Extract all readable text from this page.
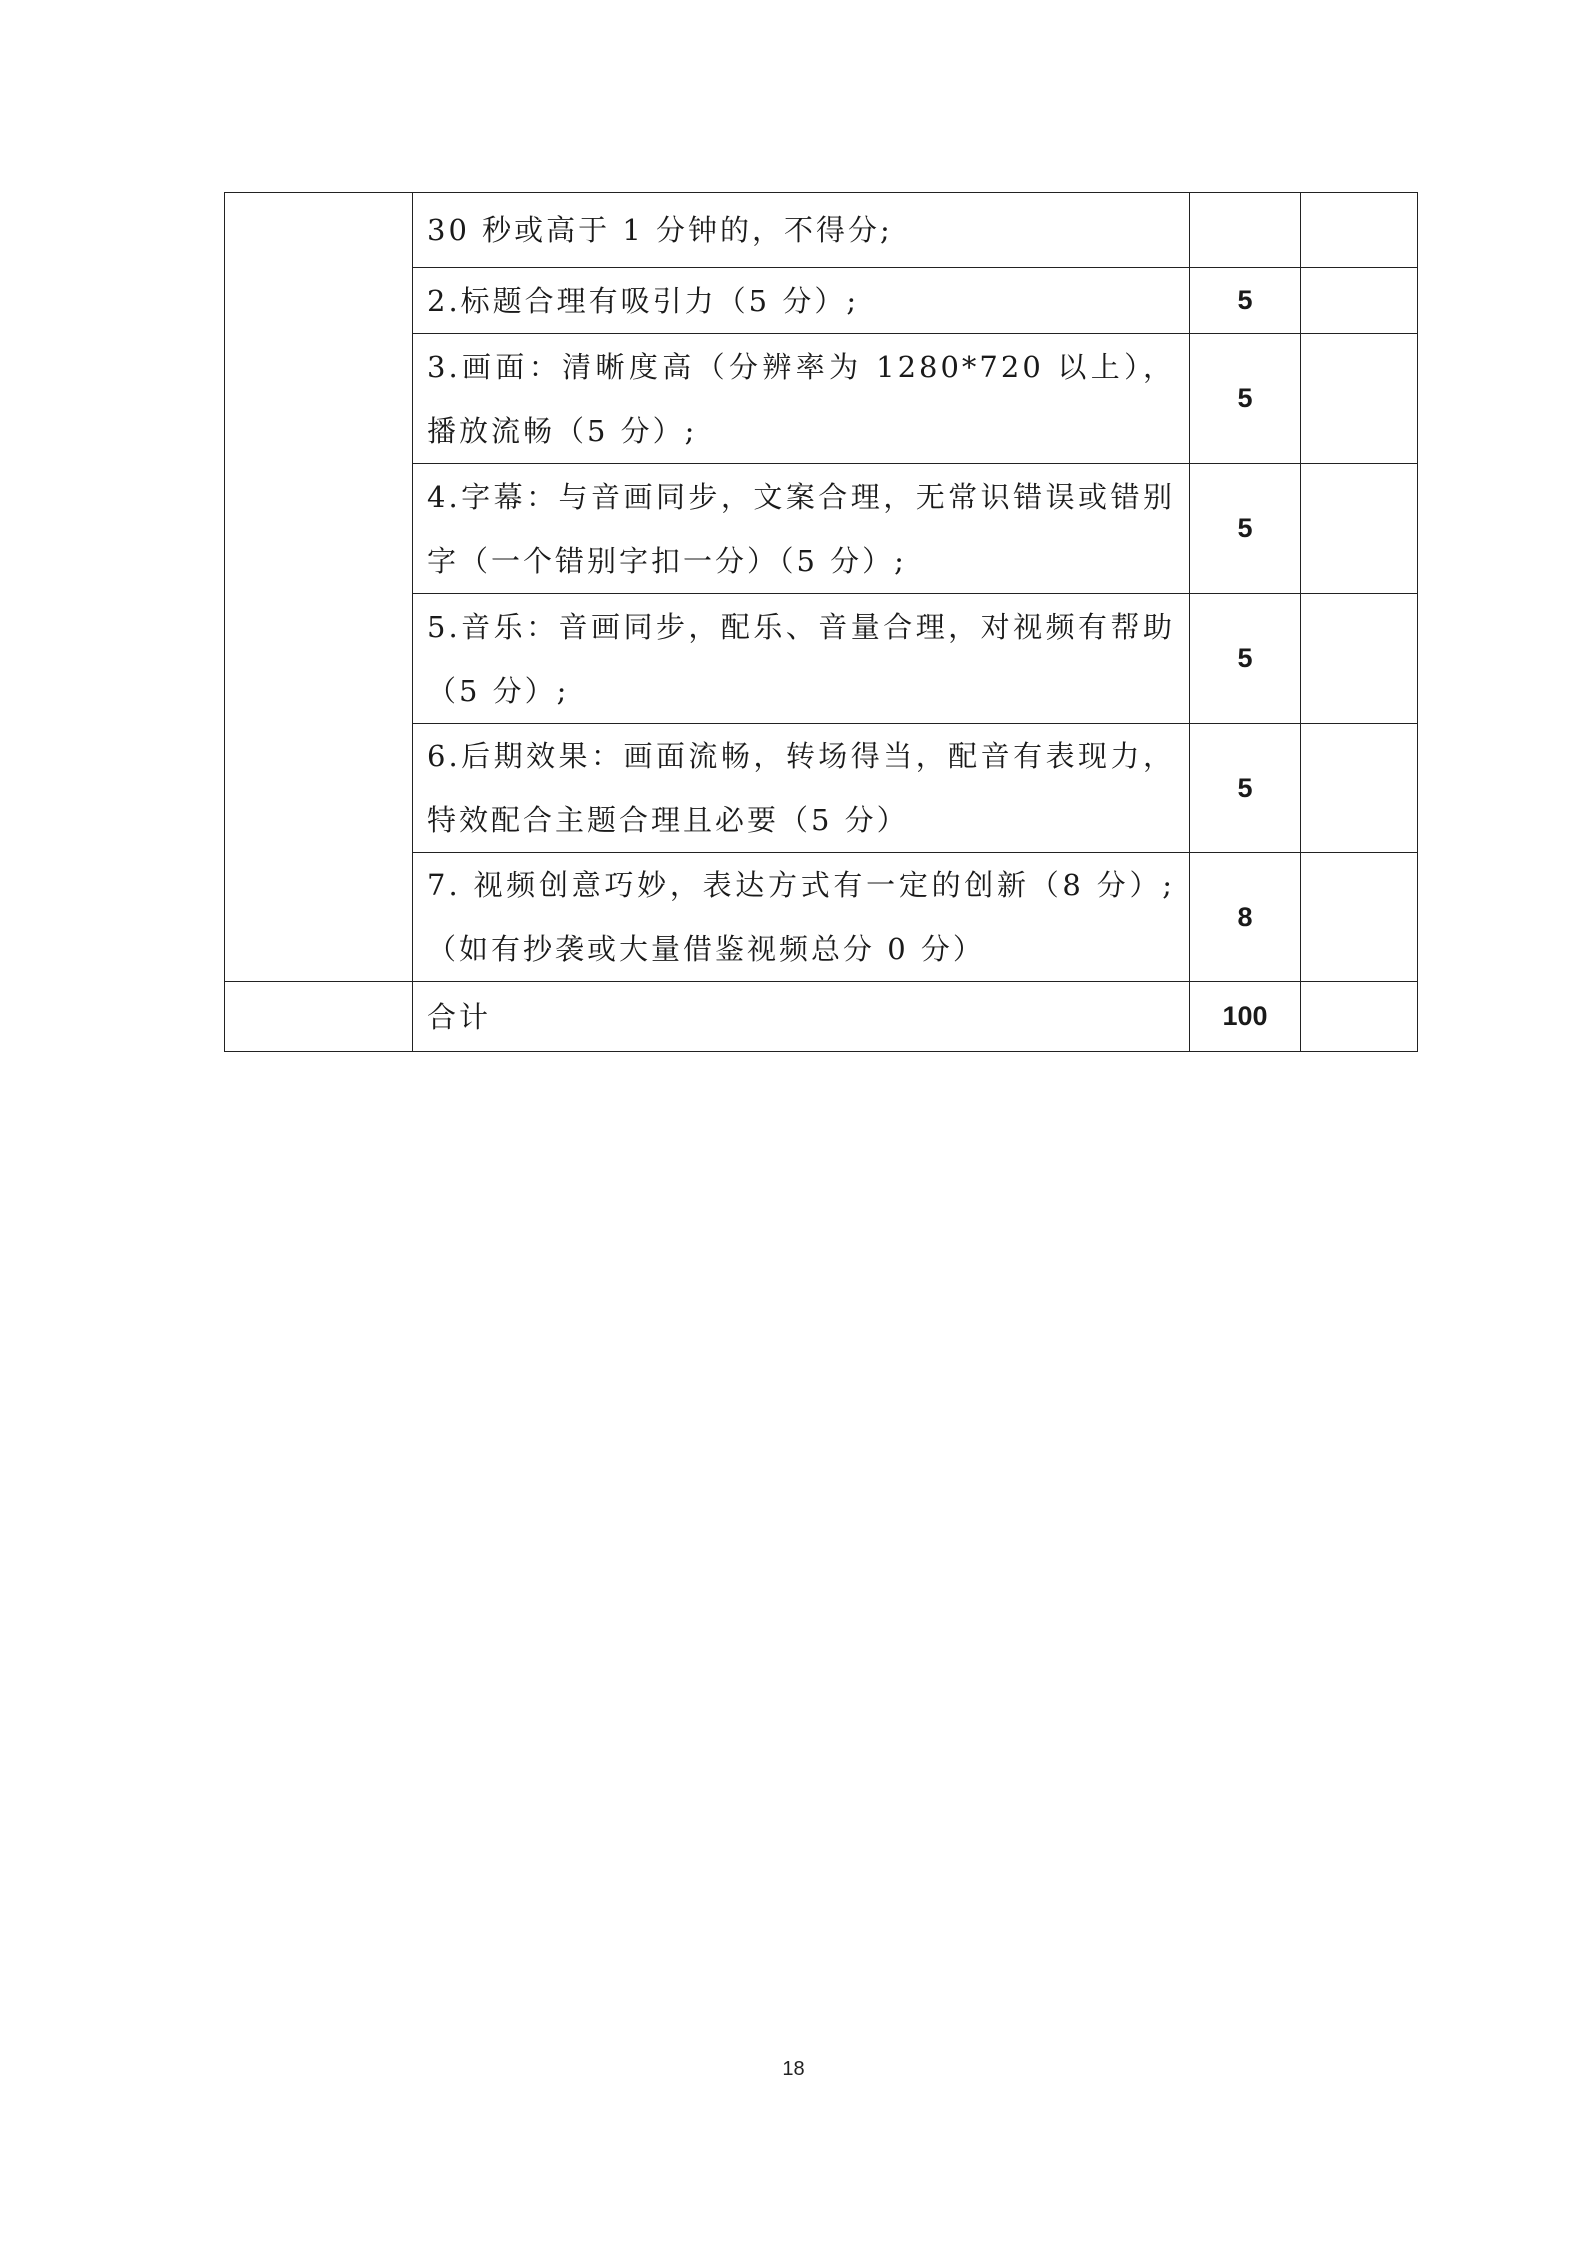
	30 秒或高于 1 分钟的，不得分;		
	2.标题合理有吸引力（5 分）;	5	
	3.画面：清晰度高（分辨率为 1280*720 以上），播放流畅（5 分）;	5	
	4.字幕：与音画同步，文案合理，无常识错误或错别字（一个错别字扣一分）（5 分）;	5	
	5.音乐：音画同步，配乐、音量合理，对视频有帮助（5 分）;	5	
	6.后期效果：画面流畅，转场得当，配音有表现力，特效配合主题合理且必要（5 分）	5	
	7. 视频创意巧妙，表达方式有一定的创新（8 分）;（如有抄袭或大量借鉴视频总分 0 分）	8	
	合计	100	
18
